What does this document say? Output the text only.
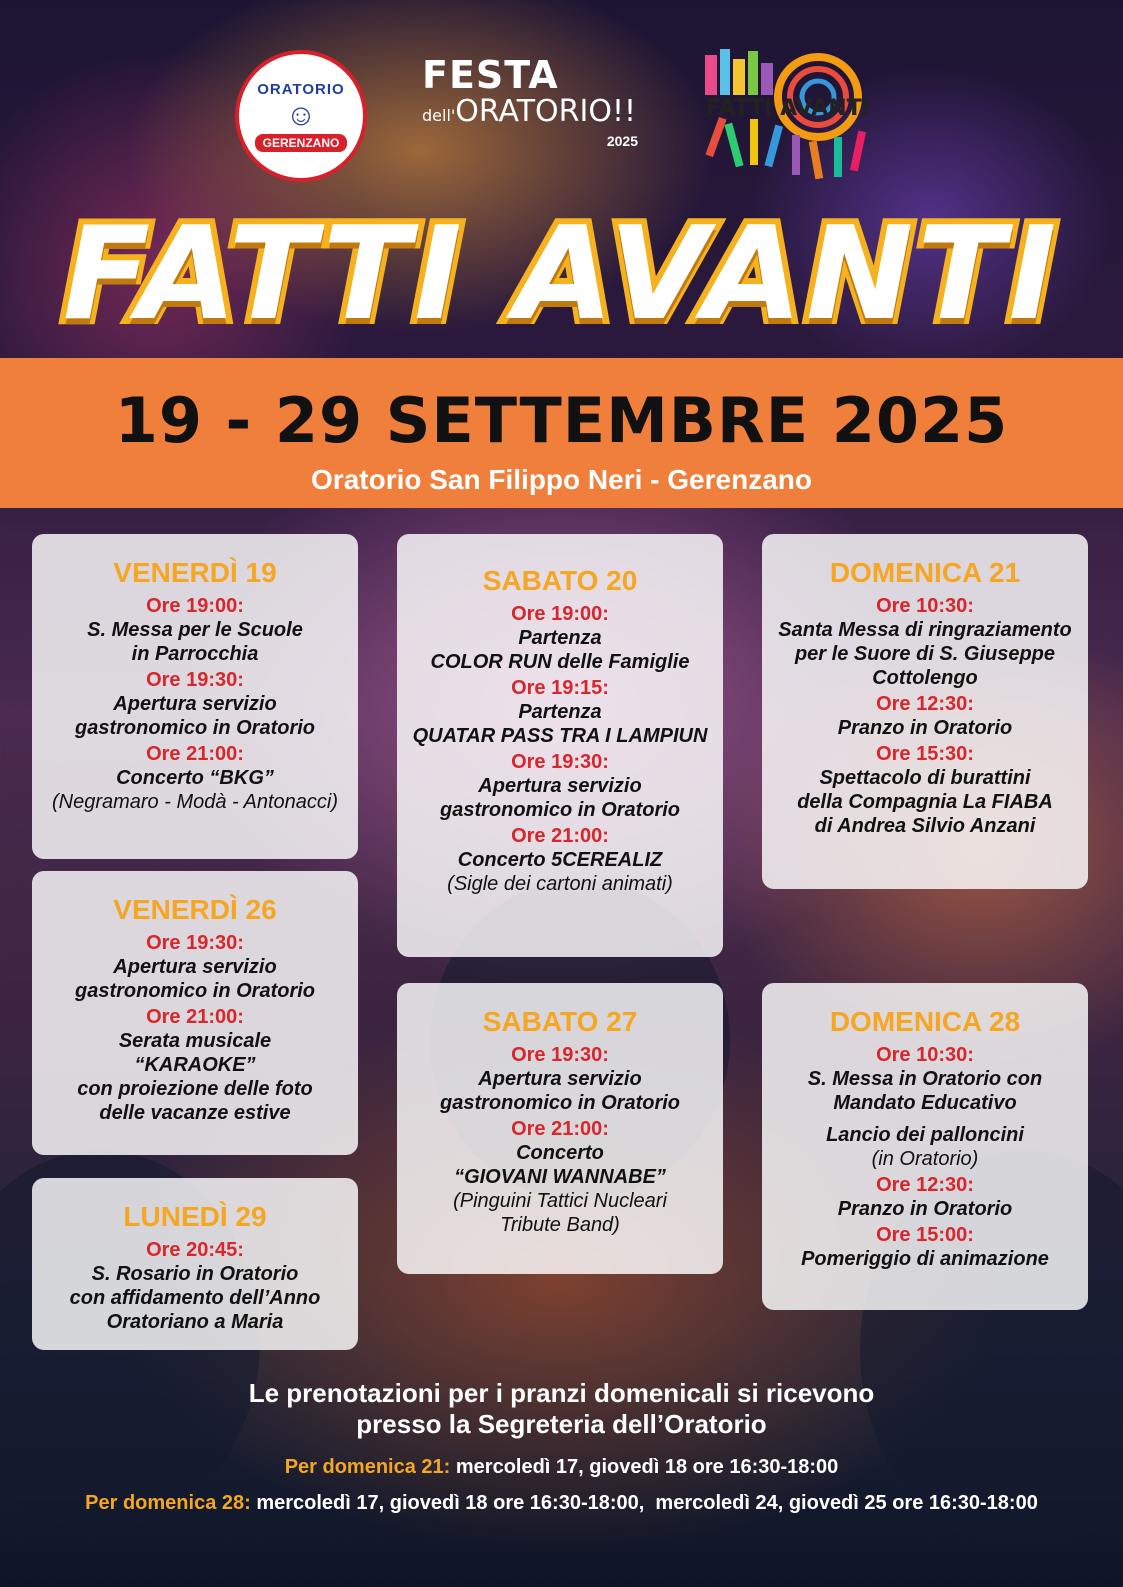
ORATORIO
☺
GERENZANO
FESTA
dell'ORATORIO!!
2025
FATTI AVANTI
FATTI AVANTI
19 - 29 SETTEMBRE 2025
Oratorio San Filippo Neri - Gerenzano
VENERDÌ 19
Ore 19:00:
S. Messa per le Scuole
in Parrocchia
Ore 19:30:
Apertura servizio
gastronomico in Oratorio
Ore 21:00:
Concerto “BKG”
(Negramaro - Modà - Antonacci)
VENERDÌ 26
Ore 19:30:
Apertura servizio
gastronomico in Oratorio
Ore 21:00:
Serata musicale
“KARAOKE”
con proiezione delle foto
delle vacanze estive
LUNEDÌ 29
Ore 20:45:
S. Rosario in Oratorio
con affidamento dell’Anno
Oratoriano a Maria
SABATO 20
Ore 19:00:
Partenza
COLOR RUN delle Famiglie
Ore 19:15:
Partenza
QUATAR PASS TRA I LAMPIUN
Ore 19:30:
Apertura servizio
gastronomico in Oratorio
Ore 21:00:
Concerto 5CEREALIZ
(Sigle dei cartoni animati)
SABATO 27
Ore 19:30:
Apertura servizio
gastronomico in Oratorio
Ore 21:00:
Concerto
“GIOVANI WANNABE”
(Pinguini Tattici Nucleari
Tribute Band)
DOMENICA 21
Ore 10:30:
Santa Messa di ringraziamento
per le Suore di S. Giuseppe
Cottolengo
Ore 12:30:
Pranzo in Oratorio
Ore 15:30:
Spettacolo di burattini
della Compagnia La FIABA
di Andrea Silvio Anzani
DOMENICA 28
Ore 10:30:
S. Messa in Oratorio con
Mandato Educativo
Lancio dei palloncini
(in Oratorio)
Ore 12:30:
Pranzo in Oratorio
Ore 15:00:
Pomeriggio di animazione
Le prenotazioni per i pranzi domenicali si ricevono
presso la Segreteria dell’Oratorio
Per domenica 21: mercoledì 17, giovedì 18 ore 16:30-18:00
Per domenica 28: mercoledì 17, giovedì 18 ore 16:30-18:00,  mercoledì 24, giovedì 25 ore 16:30-18:00
